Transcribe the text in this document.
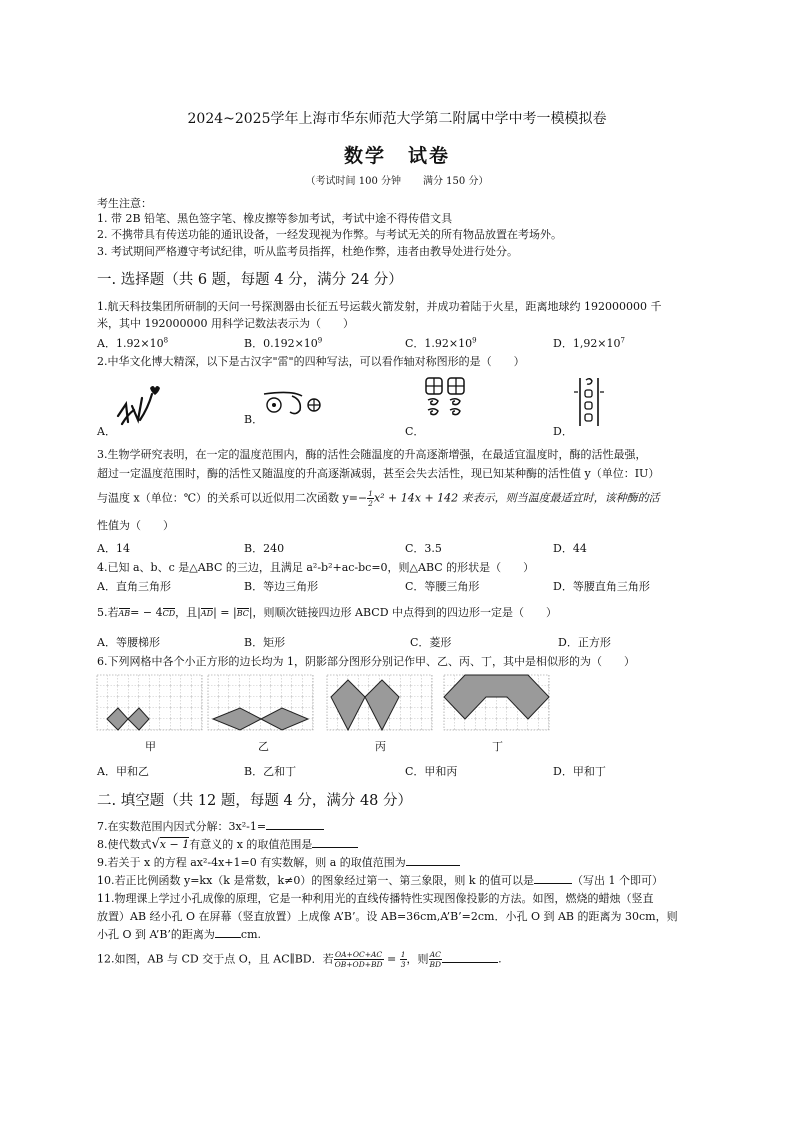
2024~2025学年上海市华东师范大学第二附属中学中考一模模拟卷
数学 试卷
（考试时间 100 分钟 满分 150 分）
考生注意：
1. 带 2B 铅笔、黑色签字笔、橡皮擦等参加考试，考试中途不得传借文具
2. 不携带具有传送功能的通讯设备，一经发现视为作弊。与考试无关的所有物品放置在考场外。
3. 考试期间严格遵守考试纪律，听从监考员指挥，杜绝作弊，违者由教导处进行处分。
一. 选择题（共 6 题，每题 4 分，满分 24 分）
1.航天科技集团所研制的天问一号探测器由长征五号运载火箭发射，并成功着陆于火星，距离地球约 192000000 千
米，其中 192000000 用科学记数法表示为（　　）
A．$1.92\times 10^8$	B．$0.192\times 10^9$	C．$1.92\times 10^9$	D．$1,92\times 10^7$
2.中华文化博大精深，以下是古汉字"雷"的四种写法，可以看作轴对称图形的是（　　）
A．
B．
C．	D．
3.生物学研究表明，在一定的温度范围内，酶的活性会随温度的升高逐渐增强，在最适宜温度时，酶的活性最强，
超过一定温度范围时，酶的活性又随温度的升高逐渐减弱，甚至会失去活性，现已知某种酶的活性值 y（单位：IU）
与温度 x（单位：℃）的关系可以近似用二次函数 $y=- \frac{1}{2} x^2 + 14x + 142$ 来表示，则当温度最适宜时，该种酶的活
性值为（　　）
A．14	B．240	C．3.5	D．44
4.已知 a、b、c 是△ABC 的三边，且满足 a²-b²+ac-bc=0，则△ABC 的形状是（　　）
A．直角三角形	B．等边三角形	C．等腰三角形	D．等腰直角三角形
5.若AB= − 4CD，且|AD| = |BC|，则顺次链接四边形 ABCD 中点得到的四边形一定是（　　）
A．等腰梯形	B．矩形	C．菱形	D．正方形
6.下列网格中各个小正方形的边长均为 1，阴影部分图形分别记作甲、乙、丙、丁，其中是相似形的为（　　）
甲	乙	丙	丁
A．甲和乙	B．乙和丁	C．甲和丙	D．甲和丁
二. 填空题（共 12 题，每题 4 分，满分 48 分）
7.在实数范围内因式分解：3x²-1=
8.使代数式√x − 1有意义的 x 的取值范围是
9.若关于 x 的方程 ax²-4x+1=0 有实数解，则 a 的取值范围为
10.若正比例函数 y=kx（k 是常数，k≠0）的图象经过第一、第三象限，则 k 的值可以是	（写出 1 个即可）
11.物理课上学过小孔成像的原理，它是一种利用光的直线传播特性实现图像投影的方法。如图，燃烧的蜡烛（竖直
放置）AB 经小孔 O 在屏幕（竖直放置）上成像 A’B’。设 AB=36cm,A’B’=2cm．小孔 O 到 AB 的距离为 30cm，则
小孔 O 到 A’B’的距离为 cm.
12.如图，AB 与 CD 交于点 O，且 AC∥BD．若 $\frac{OA+OC+AC}{OB+OD+BD} = \frac{1}{3}$ ，则 $\frac{AC}{BD}$	.
